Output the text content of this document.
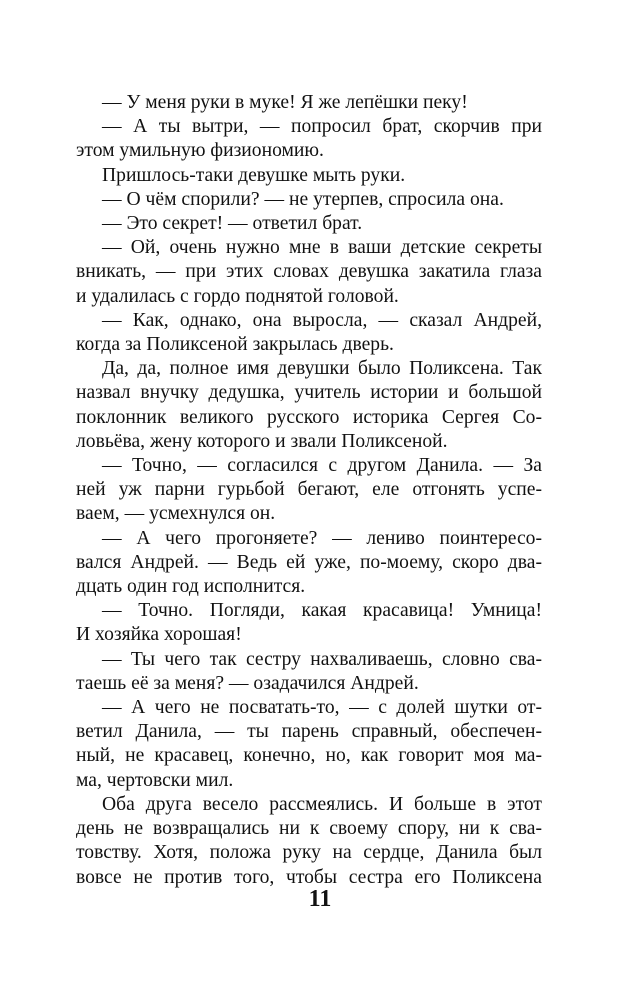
— У меня руки в муке! Я же лепёшки пеку!
— А ты вытри, — попросил брат, скорчив при
этом умильную физиономию.
Пришлось-таки девушке мыть руки.
— О чём спорили? — не утерпев, спросила она.
— Это секрет! — ответил брат.
— Ой, очень нужно мне в ваши детские секреты
вникать, — при этих словах девушка закатила глаза
и удалилась с гордо поднятой головой.
— Как, однако, она выросла, — сказал Андрей,
когда за Поликсеной закрылась дверь.
Да, да, полное имя девушки было Поликсена. Так
назвал внучку дедушка, учитель истории и большой
поклонник великого русского историка Сергея Со-
ловьёва, жену которого и звали Поликсеной.
— Точно, — согласился с другом Данила. — За
ней уж парни гурьбой бегают, еле отгонять успе-
ваем, — усмехнулся он.
— А чего прогоняете? — лениво поинтересо-
вался Андрей. — Ведь ей уже, по-моему, скоро два-
дцать один год исполнится.
— Точно. Погляди, какая красавица! Умница!
И хозяйка хорошая!
— Ты чего так сестру нахваливаешь, словно сва-
таешь её за меня? — озадачился Андрей.
— А чего не посватать-то, — с долей шутки от-
ветил Данила, — ты парень справный, обеспечен-
ный, не красавец, конечно, но, как говорит моя ма-
ма, чертовски мил.
Оба друга весело рассмеялись. И больше в этот
день не возвращались ни к своему спору, ни к сва-
товству. Хотя, положа руку на сердце, Данила был
вовсе не против того, чтобы сестра его Поликсена
11
